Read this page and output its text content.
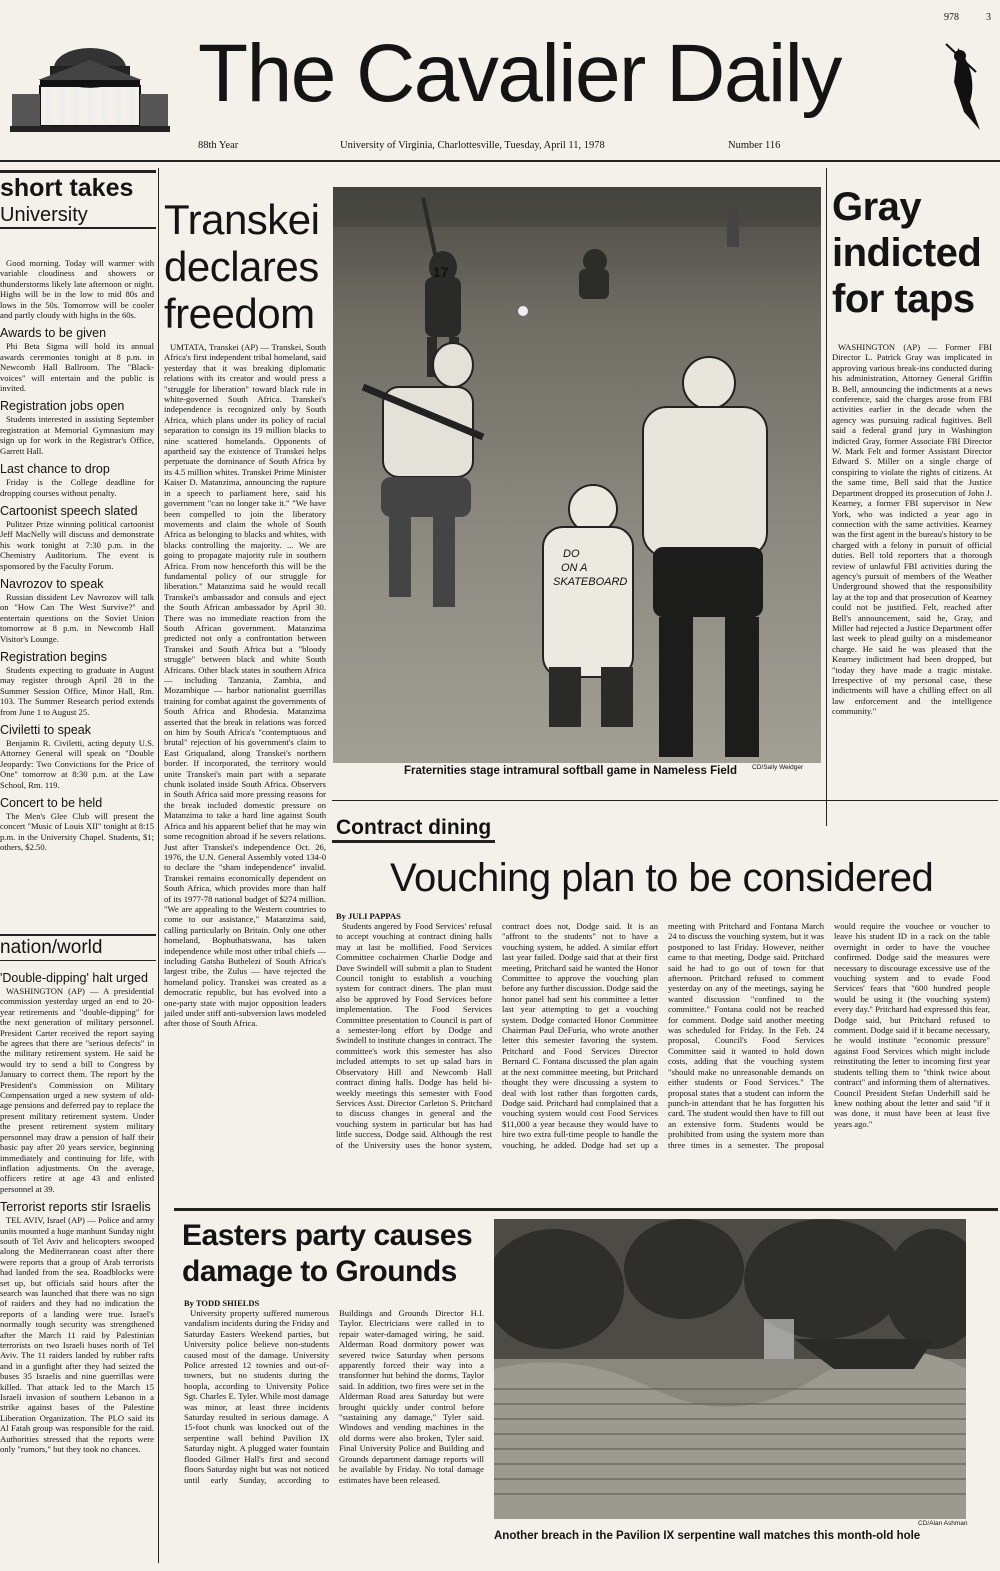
978	3
The Cavalier Daily
88th Year	University of Virginia, Charlottesville, Tuesday, April 11, 1978	Number 116
short takes
University

Good morning. Today will warmer with variable cloudiness and showers or thunderstorms likely late afternoon or night. Highs will be in the low to mid 80s and lows in the 50s. Tomorrow will be cooler and partly cloudy with highs in the 60s.

Awards to be given

Phi Beta Sigma will hold its annual awards ceremonies tonight at 8 p.m. in Newcomb Hall Ballroom. The "Black-voices" will entertain and the public is invited.

Registration jobs open

Students interested in assisting September registration at Memorial Gymnasium may sign up for work in the Registrar's Office, Garrett Hall.

Last chance to drop

Friday is the College deadline for dropping courses without penalty.

Cartoonist speech slated

Pulitzer Prize winning political cartoonist Jeff MacNelly will discuss and demonstrate his work tonight at 7:30 p.m. in the Chemistry Auditorium. The event is sponsored by the Faculty Forum.

Navrozov to speak

Russian dissident Lev Navrozov will talk on "How Can The West Survive?" and entertain questions on the Soviet Union tomorrow at 8 p.m. in Newcomb Hall Visitor's Lounge.

Registration begins

Students expecting to graduate in August may register through April 28 in the Summer Session Office, Minor Hall, Rm. 103. The Summer Research period extends from June 1 to August 25.

Civiletti to speak

Benjamin R. Civiletti, acting deputy U.S. Attorney General will speak on "Double Jeopardy: Two Convictions for the Price of One" tomorrow at 8:30 p.m. at the Law School, Rm. 119.

Concert to be held

The Men's Glee Club will present the concert "Music of Louis XII" tonight at 8:15 p.m. in the University Chapel. Students, $1; others, $2.50.

nation/world
'Double-dipping' halt urged

WASHINGTON (AP) — A presidential commission yesterday urged an end to 20-year retirements and "double-dipping" for the next generation of military personnel. President Carter received the report saying he agrees that there are "serious defects" in the military retirement system. He said he would try to send a bill to Congress by January to correct them. The report by the President's Commission on Military Compensation urged a new system of old-age pensions and deferred pay to replace the present military retirement system. Under the present retirement system military personnel may draw a pension of half their basic pay after 20 years service, beginning immediately and continuing for life, with inflation adjustments. On the average, officers retire at age 43 and enlisted personnel at 39.

Terrorist reports stir Israelis

TEL AVIV, Israel (AP) — Police and army units mounted a huge manhunt Sunday night south of Tel Aviv and helicopters swooped along the Mediterranean coast after there were reports that a group of Arab terrorists had landed from the sea. Roadblocks were set up, but officials said hours after the search was launched that there was no sign of raiders and they had no indication the reports of a landing were true. Israel's normally tough security was strengthened after the March 11 raid by Palestinian terrorists on two Israeli buses north of Tel Aviv. The 11 raiders landed by rubber rafts and in a gunfight after they had seized the buses 35 Israelis and nine guerrillas were killed. That attack led to the March 15 Israeli invasion of southern Lebanon in a strike against bases of the Palestine Liberation Organization. The PLO said its Al Fatah group was responsible for the raid. Authorities stressed that the reports were only "rumors," but they took no chances.

Transkei declares freedom

UMTATA, Transkei (AP) — Transkei, South Africa's first independent tribal homeland, said yesterday that it was breaking diplomatic relations with its creator and would press a "struggle for liberation" toward black rule in white-governed South Africa. Transkei's independence is recognized only by South Africa, which plans under its policy of racial separation to consign its 19 million blacks to nine scattered homelands. Opponents of apartheid say the existence of Transkei helps perpetuate the dominance of South Africa by its 4.5 million whites. Transkei Prime Minister Kaiser D. Matanzima, announcing the rupture in a speech to parliament here, said his government "can no longer take it." "We have been compelled to join the liberatory movements and claim the whole of South Africa as belonging to blacks and whites, with blacks controlling the majority. ... We are going to propagate majority rule in southern Africa. From now henceforth this will be the fundamental policy of our struggle for liberation." Matanzima said he would recall Transkei's ambassador and consuls and eject the South African ambassador by April 30. There was no immediate reaction from the South African government. Matanzima predicted not only a confrontation between Transkei and South Africa but a "bloody struggle" between black and white South Africans. Other black states in southern Africa — including Tanzania, Zambia, and Mozambique — harbor nationalist guerrillas training for combat against the governments of South Africa and Rhodesia. Matanzima asserted that the break in relations was forced on him by South Africa's "contemptuous and brutal" rejection of his government's claim to East Griqualand, along Transkei's northern border. If incorporated, the territory would unite Transkei's main part with a separate chunk isolated inside South Africa. Observers in South Africa said more pressing reasons for the break included domestic pressure on Matanzima to take a hard line against South Africa and his apparent belief that he may win some recognition abroad if he severs relations. Just after Transkei's independence Oct. 26, 1976, the U.N. General Assembly voted 134-0 to declare the "sham independence" invalid. Transkei remains economically dependent on South Africa, which provides more than half of its 1977-78 national budget of $274 million. "We are appealing to the Western countries to come to our assistance," Matanzima said, calling particularly on Britain. Only one other homeland, Bophuthatswana, has taken independence while most other tribal chiefs — including Gatsha Buthelezi of South Africa's largest tribe, the Zulus — have rejected the homeland policy. Transkei was created as a democratic republic, but has evolved into a one-party state with major opposition leaders jailed under stiff anti-subversion laws modeled after those of South Africa.

DO
ON A
SKATEBOARD
17
CD/Sally Weidger
Fraternities stage intramural softball game in Nameless Field
Gray indicted for taps

WASHINGTON (AP) — Former FBI Director L. Patrick Gray was implicated in approving various break-ins conducted during his administration, Attorney General Griffin B. Bell, announcing the indictments at a news conference, said the charges arose from FBI activities earlier in the decade when the agency was pursuing radical fugitives. Bell said a federal grand jury in Washington indicted Gray, former Associate FBI Director W. Mark Felt and former Assistant Director Edward S. Miller on a single charge of conspiring to violate the rights of citizens. At the same time, Bell said that the Justice Department dropped its prosecution of John J. Kearney, a former FBI supervisor in New York, who was indicted a year ago in connection with the same activities. Kearney was the first agent in the bureau's history to be charged with a felony in pursuit of official duties. Bell told reporters that a thorough review of unlawful FBI activities during the agency's pursuit of members of the Weather Underground showed that the responsibility lay at the top and that prosecution of Kearney could not be justified. Felt, reached after Bell's announcement, said he, Gray, and Miller had rejected a Justice Department offer last week to plead guilty on a misdemeanor charge. He said he was pleased that the Kearney indictment had been dropped, but "today they have made a tragic mistake. Irrespective of my personal case, these indictments will have a chilling effect on all law enforcement and the intelligence community."

Contract dining
Vouching plan to be considered
By JULI PAPPAS

Students angered by Food Services' refusal to accept vouching at contract dining halls may at last be mollified. Food Services Committee cochairmen Charlie Dodge and Dave Swindell will submit a plan to Student Council tonight to establish a vouching system for contract diners. The plan must also be approved by Food Services before implementation. The Food Services Committee presentation to Council is part of a semester-long effort by Dodge and Swindell to institute changes in contract. The committee's work this semester has also included attempts to set up salad bars in Observatory Hill and Newcomb Hall contract dining halls. Dodge has held bi-weekly meetings this semester with Food Services Asst. Director Carleton S. Pritchard to discuss changes in general and the vouching system in particular but has had little success, Dodge said. Although the rest of the University uses the honor system, contract does not, Dodge said. It is an "affront to the students" not to have a vouching system, he added. A similar effort last year failed. Dodge said that at their first meeting, Pritchard said he wanted the Honor Committee to approve the vouching plan before any further discussion. Dodge said the honor panel had sent his committee a letter last year attempting to get a vouching system. Dodge contacted Honor Committee Chairman Paul DeFuria, who wrote another letter this semester favoring the system. Pritchard and Food Services Director Bernard C. Fontana discussed the plan again at the next committee meeting, but Pritchard thought they were discussing a system to deal with lost rather than forgotten cards, Dodge said. Pritchard had complained that a vouching system would cost Food Services $11,000 a year because they would have to hire two extra full-time people to handle the vouching, he added. Dodge had set up a meeting with Pritchard and Fontana March 24 to discuss the vouching system, but it was postponed to last Friday. However, neither came to that meeting, Dodge said. Pritchard said he had to go out of town for that afternoon. Pritchard refused to comment yesterday on any of the meetings, saying he wanted discussion "confined to the committee." Fontana could not be reached for comment. Dodge said another meeting was scheduled for Friday. In the Feb. 24 proposal, Council's Food Services Committee said it wanted to hold down costs, adding that the vouching system "should make no unreasonable demands on either students or Food Services." The proposal states that a student can inform the punch-in attendant that he has forgotten his card. The student would then have to fill out an extensive form. Students would be prohibited from using the system more than three times in a semester. The proposal would require the vouchee or voucher to leave his student ID in a rack on the table overnight in order to have the vouchee confirmed. Dodge said the measures were necessary to discourage excessive use of the vouching system and to evade Food Services' fears that "600 hundred people would be using it (the vouching system) every day." Pritchard had expressed this fear, Dodge said, but Pritchard refused to comment. Dodge said if it became necessary, he would institute "economic pressure" against Food Services which might include reinstituting the letter to incoming first year students telling them to "think twice about contract" and informing them of alternatives. Council President Stefan Underhill said he knew nothing about the letter and said "if it was done, it must have been at least five years ago."

Easters party causes damage to Grounds
By TODD SHIELDS

University property suffered numerous vandalism incidents during the Friday and Saturday Easters Weekend parties, but University police believe non-students caused most of the damage. University Police arrested 12 townies and out-of-towners, but no students during the hoopla, according to University Police Sgt. Charles E. Tyler. While most damage was minor, at least three incidents Saturday resulted in serious damage. A 15-foot chunk was knocked out of the serpentine wall behind Pavilion IX Saturday night. A plugged water fountain flooded Gilmer Hall's first and second floors Saturday night but was not noticed until early Sunday, according to Buildings and Grounds Director H.I. Taylor. Electricians were called in to repair water-damaged wiring, he said. Alderman Road dormitory power was severed twice Saturday when persons apparently forced their way into a transformer hut behind the dorms, Taylor said. In addition, two fires were set in the Alderman Road area Saturday but were brought quickly under control before "sustaining any damage," Tyler said. Windows and vending machines in the old dorms were also broken, Tyler said. Final University Police and Building and Grounds department damage reports will be available by Friday. No total damage estimates have been released.

CD/Alan Ashman
Another breach in the Pavilion IX serpentine wall matches this month-old hole
